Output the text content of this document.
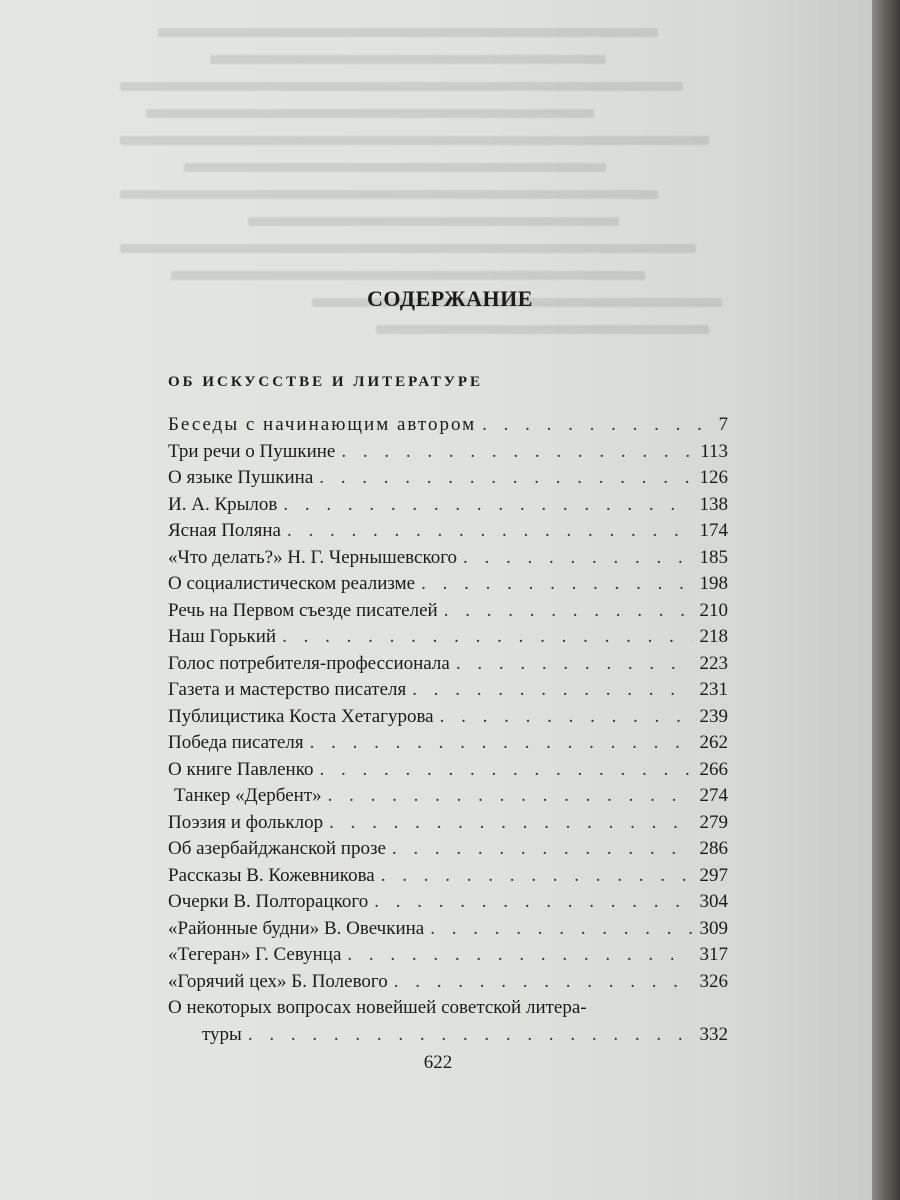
СОДЕРЖАНИЕ
ОБ ИСКУССТВЕ И ЛИТЕРАТУРЕ
Беседы с начинающим автором . . .	7
Три речи о Пушкине . . .	113
О языке Пушкина . . .	126
И. А. Крылов . . .	138
Ясная Поляна . . .	174
«Что делать?» Н. Г. Чернышевского . . .	185
О социалистическом реализме . . .	198
Речь на Первом съезде писателей . . .	210
Наш Горький . . .	218
Голос потребителя-профессионала . . .	223
Газета и мастерство писателя . . .	231
Публицистика Коста Хетагурова . . .	239
Победа писателя . . .	262
О книге Павленко . . .	266
Танкер «Дербент» . . .	274
Поэзия и фольклор . . .	279
Об азербайджанской прозе . . .	286
Рассказы В. Кожевникова . . .	297
Очерки В. Полторацкого . . .	304
«Районные будни» В. Овечкина . . .	309
«Тегеран» Г. Севунца . . .	317
«Горячий цех» Б. Полевого . . .	326
О некоторых вопросах новейшей советской литера-
туры . . .	332
622
